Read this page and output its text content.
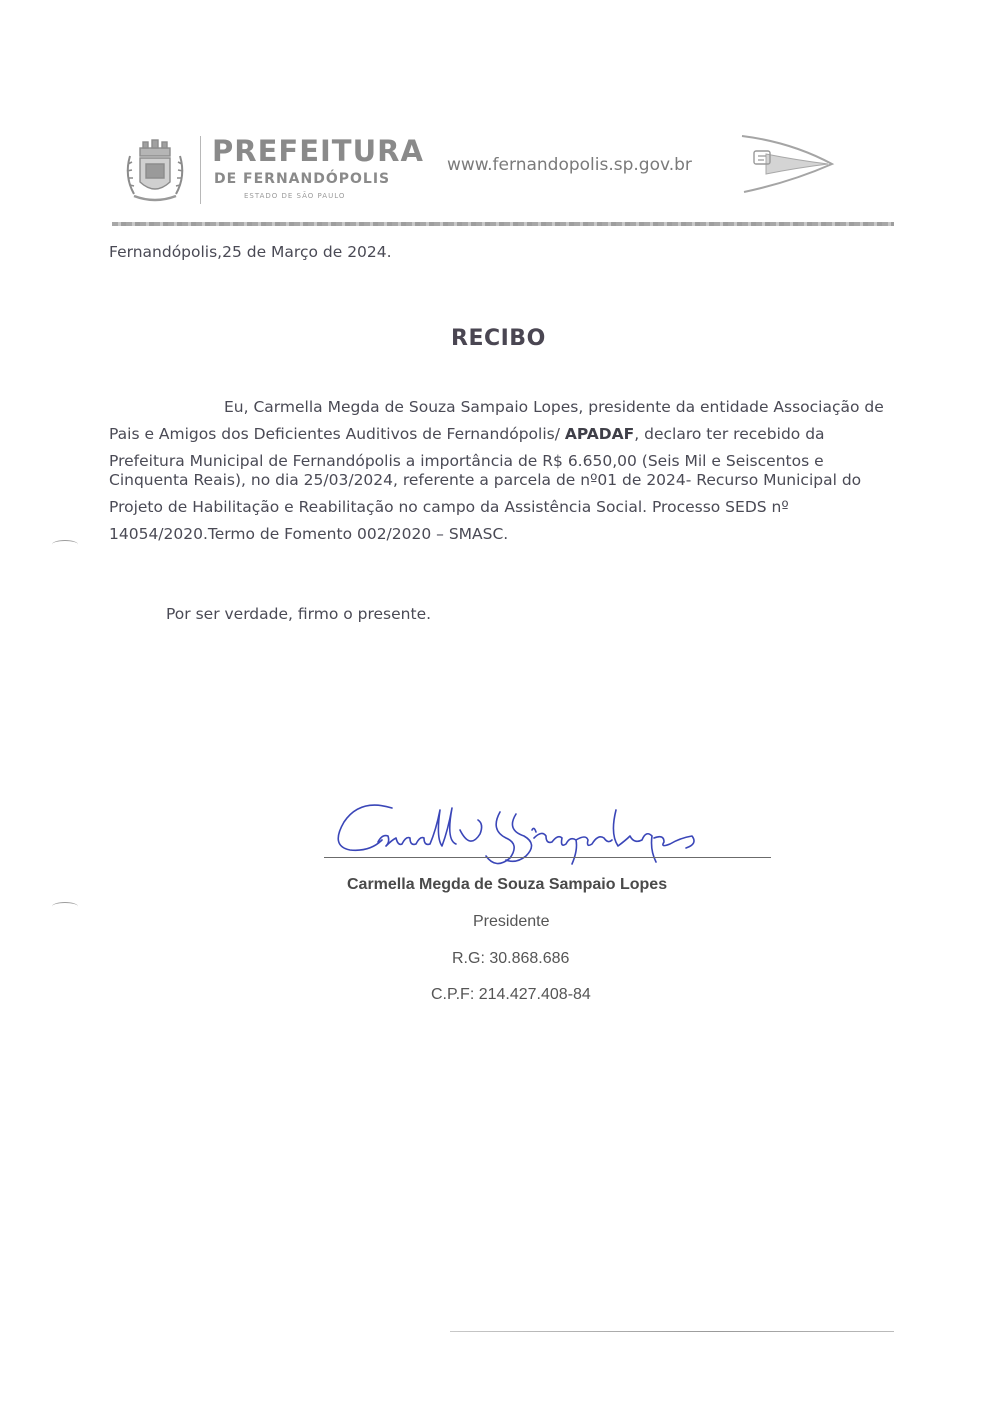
PREFEITURA
DE FERNANDÓPOLIS
ESTADO DE SÃO PAULO
www.fernandopolis.sp.gov.br
Fernandópolis,25 de Março de 2024.
RECIBO
Eu, Carmella Megda de Souza Sampaio Lopes, presidente da entidade Associação de
Pais e Amigos dos Deficientes Auditivos de Fernandópolis/ APADAF, declaro ter recebido da
Prefeitura Municipal de Fernandópolis a importância de R$ 6.650,00 (Seis Mil e Seiscentos e
Cinquenta Reais), no dia 25/03/2024, referente a parcela de nº01 de 2024- Recurso Municipal do
Projeto de Habilitação e Reabilitação no campo da Assistência Social. Processo SEDS nº
14054/2020.Termo de Fomento 002/2020 – SMASC.
Por ser verdade, firmo o presente.
Carmella Megda de Souza Sampaio Lopes
Presidente
R.G: 30.868.686
C.P.F: 214.427.408-84
